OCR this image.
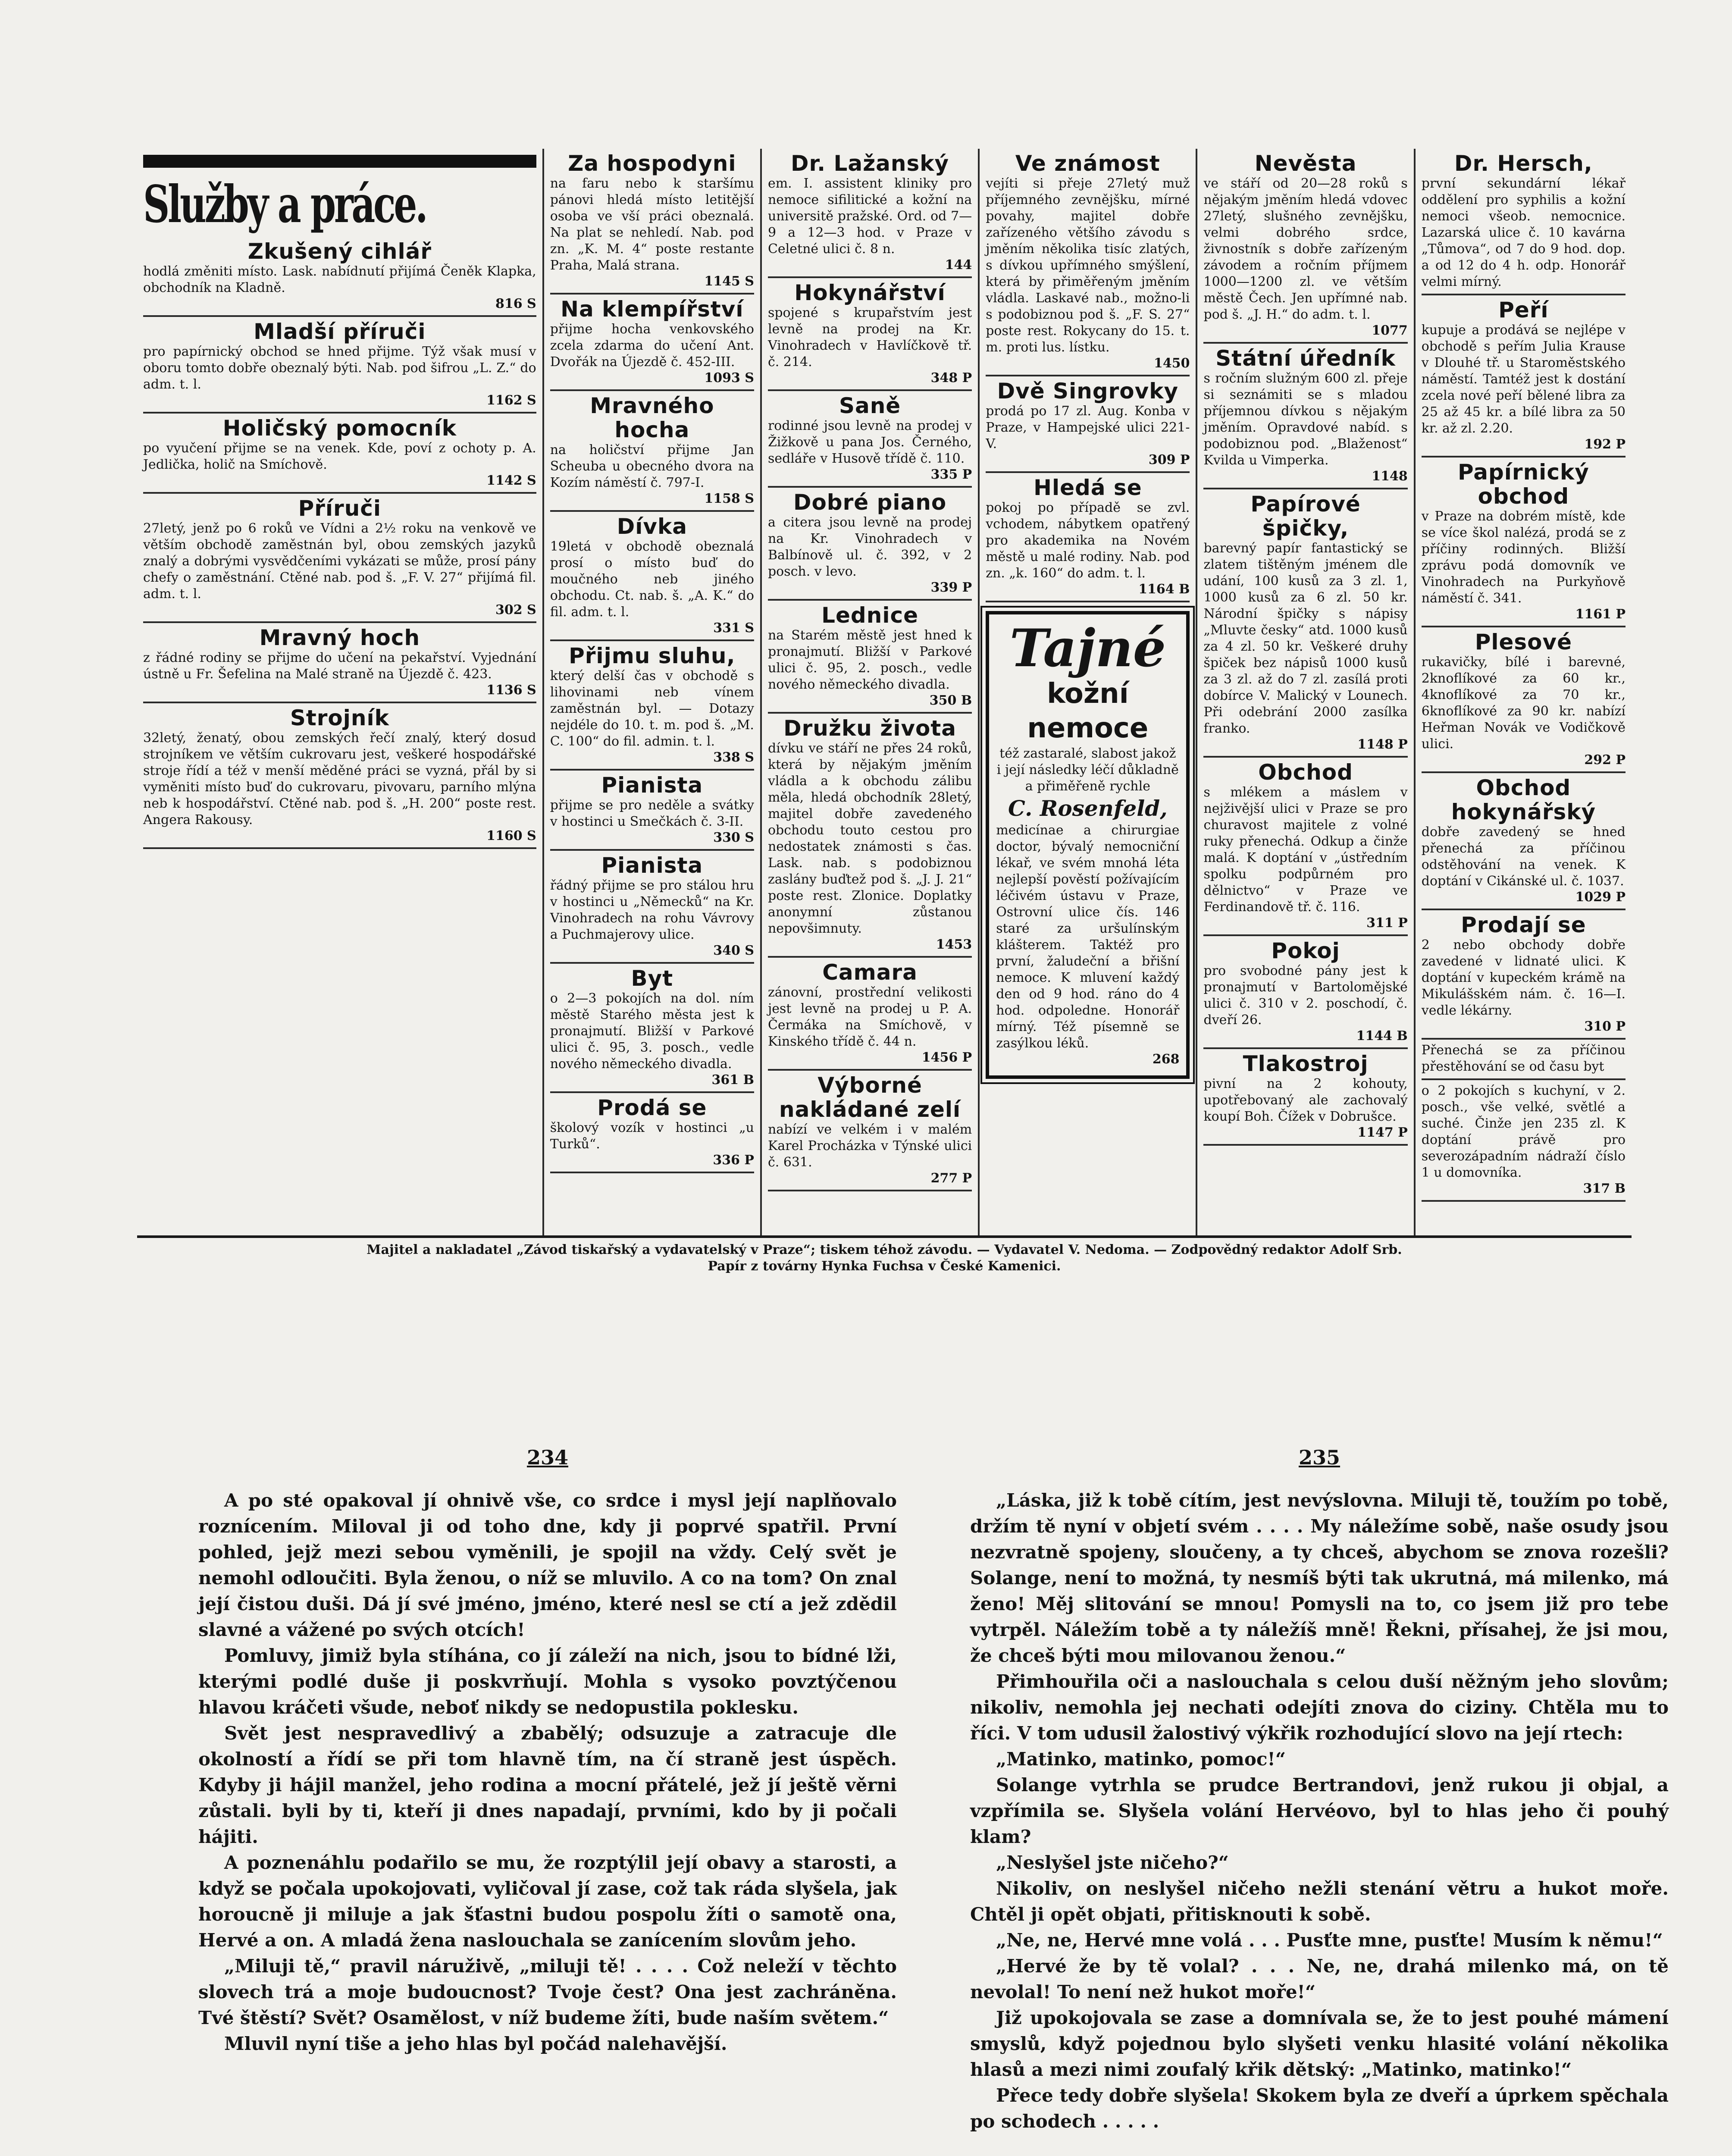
Služby a práce.
Zkušený cihlář

hodlá změniti místo. Lask. nabídnutí přijímá Čeněk Klapka, obchodník na Kladně.

816 S
Mladší příruči

pro papírnický obchod se hned přijme. Týž však musí v oboru tomto dobře obeznalý býti. Nab. pod šifrou „L. Z.“ do adm. t. l.

1162 S
Holičský pomocník

po vyučení přijme se na venek. Kde, poví z ochoty p. A. Jedlička, holič na Smíchově.

1142 S
Příruči

27letý, jenž po 6 roků ve Vídni a 2½ roku na venkově ve větším obchodě zaměstnán byl, obou zemských jazyků znalý a dobrými vysvědčeními vykázati se může, prosí pány chefy o zaměstnání. Ctěné nab. pod š. „F. V. 27“ přijímá fil. adm. t. l.

302 S
Mravný hoch

z řádné rodiny se přijme do učení na pekařství. Vyjednání ústně u Fr. Šefelina na Malé straně na Újezdě č. 423.

1136 S
Strojník

32letý, ženatý, obou zemských řečí znalý, který dosud strojníkem ve větším cukrovaru jest, veškeré hospodářské stroje řídí a též v menší měděné práci se vyzná, přál by si vyměniti místo buď do cukrovaru, pivovaru, parního mlýna neb k hospodářství. Ctěné nab. pod š. „H. 200“ poste rest. Angera Rakousy.

1160 S
Za hospodyni

na faru nebo k staršímu pánovi hledá místo letitější osoba ve vší práci obeznalá. Na plat se nehledí. Nab. pod zn. „K. M. 4“ poste restante Praha, Malá strana.

1145 S
Na klempířství

přijme hocha venkovského zcela zdarma do učení Ant. Dvořák na Újezdě č. 452-III.

1093 S
Mravného hocha

na holičství přijme Jan Scheuba u obecného dvora na Kozím náměstí č. 797-I.

1158 S
Dívka

19letá v obchodě obeznalá prosí o místo buď do moučného neb jiného obchodu. Ct. nab. š. „A. K.“ do fil. adm. t. l.

331 S
Přijmu sluhu,

který delší čas v obchodě s lihovinami neb vínem zaměstnán byl. — Dotazy nejdéle do 10. t. m. pod š. „M. C. 100“ do fil. admin. t. l.

338 S
Pianista

přijme se pro neděle a svátky v hostinci u Smečkách č. 3-II.

330 S
Pianista

řádný přijme se pro stálou hru v hostinci u „Německů“ na Kr. Vinohradech na rohu Vávrovy a Puchmajerovy ulice.

340 S
Byt

o 2—3 pokojích na dol. ním městě Starého města jest k pronajmutí. Bližší v Parkové ulici č. 95, 3. posch., vedle nového německého divadla.

361 B
Prodá se

školový vozík v hostinci „u Turků“.

336 P
Dr. Lažanský

em. I. assistent kliniky pro nemoce sifilitické a kožní na universitě pražské. Ord. od 7—9 a 12—3 hod. v Praze v Celetné ulici č. 8 n.

144
Hokynářství

spojené s krupařstvím jest levně na prodej na Kr. Vinohradech v Havlíčkově tř. č. 214.

348 P
Saně

rodinné jsou levně na prodej v Žižkově u pana Jos. Černého, sedláře v Husově třídě č. 110.

335 P
Dobré piano

a citera jsou levně na prodej na Kr. Vinohradech v Balbínově ul. č. 392, v 2 posch. v levo.

339 P
Lednice

na Starém městě jest hned k pronajmutí. Bližší v Parkové ulici č. 95, 2. posch., vedle nového německého divadla.

350 B
Družku života

dívku ve stáří ne přes 24 roků, která by nějakým jměním vládla a k obchodu zálibu měla, hledá obchodník 28letý, majitel dobře zavedeného obchodu touto cestou pro nedostatek známosti s čas. Lask. nab. s podobiznou zaslány buďtež pod š. „J. J. 21“ poste rest. Zlonice. Doplatky anonymní zůstanou nepovšimnuty.

1453
Camara

zánovní, prostřední velikosti jest levně na prodej u P. A. Čermáka na Smíchově, v Kinského třídě č. 44 n.

1456 P
Výborné nakládané zelí

nabízí ve velkém i v malém Karel Procházka v Týnské ulici č. 631.

277 P
Ve známost

vejíti si přeje 27letý muž příjemného zevnějšku, mírné povahy, majitel dobře zařízeného většího závodu s jměním několika tisíc zlatých, s dívkou upřímného smýšlení, která by přiměřeným jměním vládla. Laskavé nab., možno-li s podobiznou pod š. „F. S. 27“ poste rest. Rokycany do 15. t. m. proti lus. lístku.

1450
Dvě Singrovky

prodá po 17 zl. Aug. Konba v Praze, v Hampejské ulici 221-V.

309 P
Hledá se

pokoj po případě se zvl. vchodem, nábytkem opatřený pro akademika na Novém městě u malé rodiny. Nab. pod zn. „k. 160“ do adm. t. l.

1164 B
Tajné
kožní nemoce
též zastaralé, slabost jakož i její následky léčí důkladně a přiměřeně rychle
C. Rosenfeld,

medicínae a chirurgiae doctor, bývalý nemocniční lékař, ve svém mnohá léta nejlepší pověstí požívajícím léčivém ústavu v Praze, Ostrovní ulice čís. 146 staré za uršulínským klášterem. Taktéž pro první, žaludeční a břišní nemoce. K mluvení každý den od 9 hod. ráno do 4 hod. odpoledne. Honorář mírný. Též písemně se zasýlkou léků.

268
Nevěsta

ve stáří od 20—28 roků s nějakým jměním hledá vdovec 27letý, slušného zevnějšku, velmi dobrého srdce, živnostník s dobře zařízeným závodem a ročním příjmem 1000—1200 zl. ve větším městě Čech. Jen upřímné nab. pod š. „J. H.“ do adm. t. l.

1077
Státní úředník

s ročním služným 600 zl. přeje si seznámiti se s mladou příjemnou dívkou s nějakým jměním. Opravdové nabíd. s podobiznou pod. „Blaženost“ Kvilda u Vimperka.

1148
Papírové špičky,

barevný papír fantastický se zlatem tištěným jménem dle udání, 100 kusů za 3 zl. 1, 1000 kusů za 6 zl. 50 kr. Národní špičky s nápisy „Mluvte česky“ atd. 1000 kusů za 4 zl. 50 kr. Veškeré druhy špiček bez nápisů 1000 kusů za 3 zl. až do 7 zl. zasílá proti dobírce V. Malický v Lounech. Při odebrání 2000 zasílka franko.

1148 P
Obchod

s mlékem a máslem v nejživější ulici v Praze se pro churavost majitele z volné ruky přenechá. Odkup a činže malá. K doptání v „ústředním spolku podpůrném pro dělnictvo“ v Praze ve Ferdinandově tř. č. 116.

311 P
Pokoj

pro svobodné pány jest k pronajmutí v Bartolomějské ulici č. 310 v 2. poschodí, č. dveří 26.

1144 B
Tlakostroj

pivní na 2 kohouty, upotřebovaný ale zachovalý koupí Boh. Čížek v Dobrušce.

1147 P
Dr. Hersch,

první sekundární lékař oddělení pro syphilis a kožní nemoci všeob. nemocnice. Lazarská ulice č. 10 kavárna „Tůmova“, od 7 do 9 hod. dop. a od 12 do 4 h. odp. Honorář velmi mírný.

Peří

kupuje a prodává se nejlépe v obchodě s peřím Julia Krause v Dlouhé tř. u Staroměstského náměstí. Tamtéž jest k dostání zcela nové peří bělené libra za 25 až 45 kr. a bílé libra za 50 kr. až zl. 2.20.

192 P
Papírnický obchod

v Praze na dobrém místě, kde se více škol nalézá, prodá se z příčiny rodinných. Bližší zprávu podá domovník ve Vinohradech na Purkyňově náměstí č. 341.

1161 P
Plesové

rukavičky, bílé i barevné, 2knoflíkové za 60 kr., 4knoflíkové za 70 kr., 6knoflíkové za 90 kr. nabízí Heřman Novák ve Vodičkově ulici.

292 P
Obchod hokynářský

dobře zavedený se hned přenechá za příčinou odstěhování na venek. K doptání v Cikánské ul. č. 1037.

1029 P
Prodají se

2 nebo obchody dobře zavedené v lidnaté ulici. K doptání v kupeckém krámě na Mikulášském nám. č. 16—I. vedle lékárny.

310 P

Přenechá se za příčinou přestěhování se od času byt

o 2 pokojích s kuchyní, v 2. posch., vše velké, světlé a suché. Činže jen 235 zl. K doptání právě pro severozápadním nádraží číslo 1 u domovníka.

317 B
Majitel a nakladatel „Závod tiskařský a vydavatelský v Praze“; tiskem téhož závodu. — Vydavatel V. Nedoma. — Zodpovědný redaktor Adolf Srb.
Papír z továrny Hynka Fuchsa v České Kamenici.
234

A po sté opakoval jí ohnivě vše, co srdce i mysl její naplňovalo roznícením. Miloval ji od toho dne, kdy ji poprvé spatřil. První pohled, jejž mezi sebou vyměnili, je spojil na vždy. Celý svět je nemohl odloučiti. Byla ženou, o níž se mluvilo. A co na tom? On znal její čistou duši. Dá jí své jméno, jméno, které nesl se ctí a jež zdědil slavné a vážené po svých otcích!

Pomluvy, jimiž byla stíhána, co jí záleží na nich, jsou to bídné lži, kterými podlé duše ji poskvrňují. Mohla s vysoko povztýčenou hlavou kráčeti všude, neboť nikdy se nedopustila poklesku.

Svět jest nespravedlivý a zbabělý; odsuzuje a zatracuje dle okolností a řídí se při tom hlavně tím, na čí straně jest úspěch. Kdyby ji hájil manžel, jeho rodina a mocní přátelé, jež jí ještě věrni zůstali. byli by ti, kteří ji dnes napadají, prvními, kdo by ji počali hájiti.

A poznenáhlu podařilo se mu, že rozptýlil její obavy a starosti, a když se počala upokojovati, vyličoval jí zase, což tak ráda slyšela, jak horoucně ji miluje a jak šťastni budou pospolu žíti o samotě ona, Hervé a on. A mladá žena naslouchala se zanícením slovům jeho.

„Miluji tě,“ pravil náruživě, „miluji tě! . . . . Což neleží v těchto slovech trá a moje budoucnost? Tvoje čest? Ona jest zachráněna. Tvé štěstí? Svět? Osamělost, v níž budeme žíti, bude naším světem.“

Mluvil nyní tiše a jeho hlas byl počád nalehavější.

235

„Láska, již k tobě cítím, jest nevýslovna. Miluji tě, toužím po tobě, držím tě nyní v objetí svém . . . . My náležíme sobě, naše osudy jsou nezvratně spojeny, sloučeny, a ty chceš, abychom se znova rozešli? Solange, není to možná, ty nesmíš býti tak ukrutná, má milenko, má ženo! Měj slitování se mnou! Pomysli na to, co jsem již pro tebe vytrpěl. Náležím tobě a ty náležíš mně! Řekni, přísahej, že jsi mou, že chceš býti mou milovanou ženou.“

Přimhouřila oči a naslouchala s celou duší něžným jeho slovům; nikoliv, nemohla jej nechati odejíti znova do ciziny. Chtěla mu to říci. V tom udusil žalostivý výkřik rozhodující slovo na její rtech:

„Matinko, matinko, pomoc!“

Solange vytrhla se prudce Bertrandovi, jenž rukou ji objal, a vzpřímila se. Slyšela volání Hervéovo, byl to hlas jeho či pouhý klam?

„Neslyšel jste ničeho?“

Nikoliv, on neslyšel ničeho nežli stenání větru a hukot moře. Chtěl ji opět objati, přitisknouti k sobě.

„Ne, ne, Hervé mne volá . . . Pusťte mne, pusťte! Musím k němu!“

„Hervé že by tě volal? . . . Ne, ne, drahá milenko má, on tě nevolal! To není než hukot moře!“

Již upokojovala se zase a domnívala se, že to jest pouhé mámení smyslů, když pojednou bylo slyšeti venku hlasité volání několika hlasů a mezi nimi zoufalý křik dětský: „Matinko, matinko!“

Přece tedy dobře slyšela! Skokem byla ze dveří a úprkem spěchala po schodech . . . . .
